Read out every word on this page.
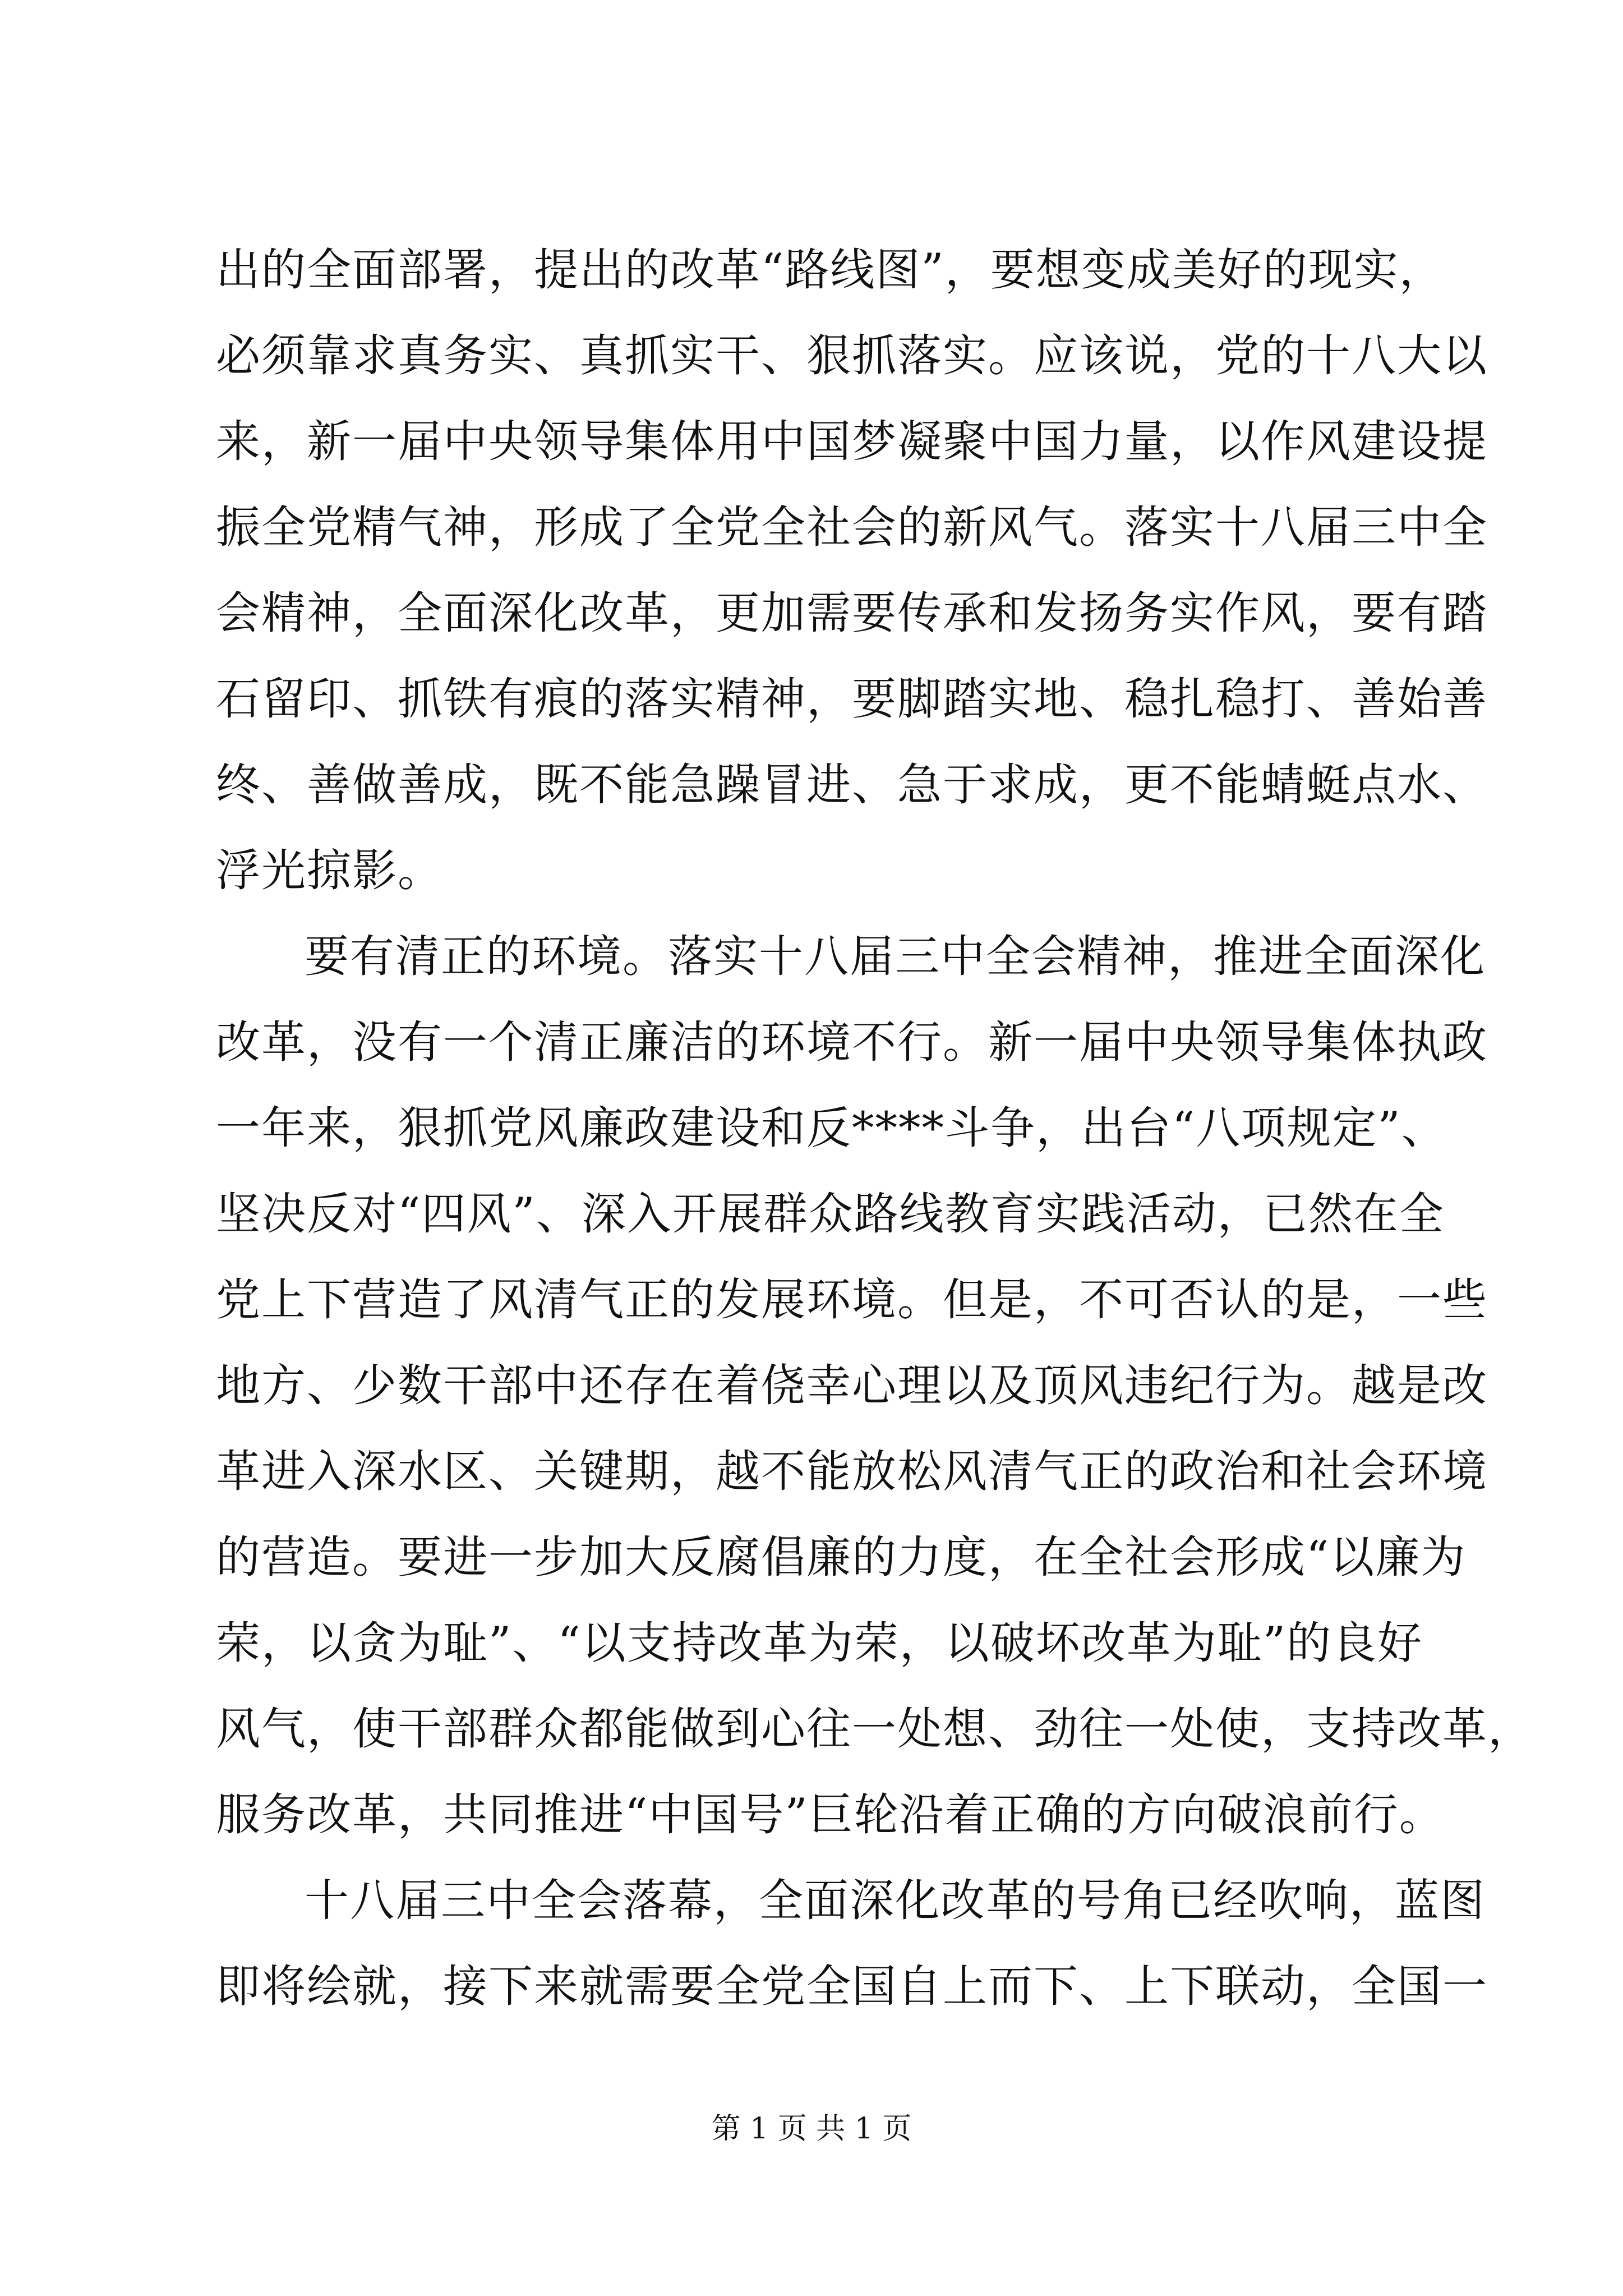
出的全面部署，提出的改革“路线图”，要想变成美好的现实，
必须靠求真务实、真抓实干、狠抓落实。应该说，党的十八大以
来，新一届中央领导集体用中国梦凝聚中国力量，以作风建设提
振全党精气神，形成了全党全社会的新风气。落实十八届三中全
会精神，全面深化改革，更加需要传承和发扬务实作风，要有踏
石留印、抓铁有痕的落实精神，要脚踏实地、稳扎稳打、善始善
终、善做善成，既不能急躁冒进、急于求成，更不能蜻蜓点水、
浮光掠影。
要有清正的环境。落实十八届三中全会精神，推进全面深化
改革，没有一个清正廉洁的环境不行。新一届中央领导集体执政
一年来，狠抓党风廉政建设和反****斗争，出台“八项规定”、
坚决反对“四风”、深入开展群众路线教育实践活动，已然在全
党上下营造了风清气正的发展环境。但是，不可否认的是，一些
地方、少数干部中还存在着侥幸心理以及顶风违纪行为。越是改
革进入深水区、关键期，越不能放松风清气正的政治和社会环境
的营造。要进一步加大反腐倡廉的力度，在全社会形成“以廉为
荣，以贪为耻”、“以支持改革为荣，以破坏改革为耻”的良好
风气，使干部群众都能做到心往一处想、劲往一处使，支持改革，
服务改革，共同推进“中国号”巨轮沿着正确的方向破浪前行。
十八届三中全会落幕，全面深化改革的号角已经吹响，蓝图
即将绘就，接下来就需要全党全国自上而下、上下联动，全国一
第 1 页 共 1 页
